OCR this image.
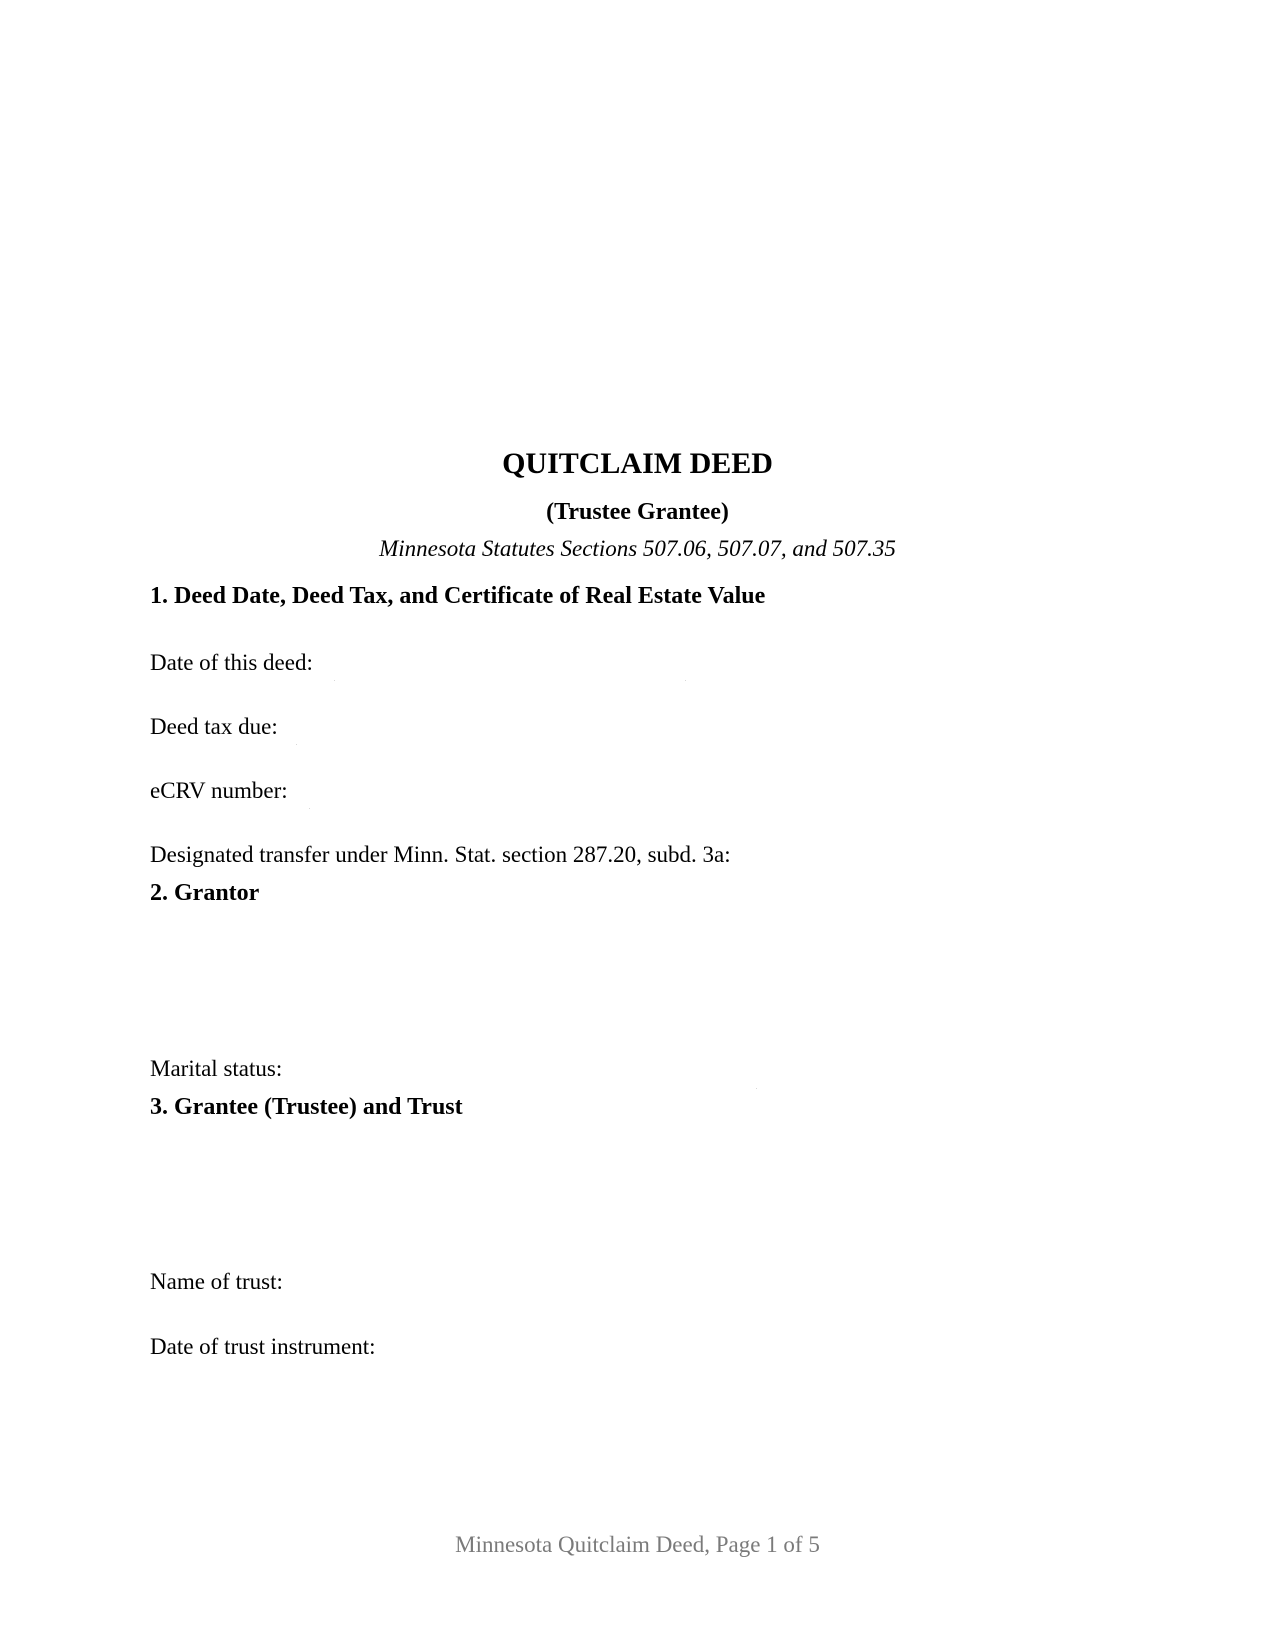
QUITCLAIM DEED
(Trustee Grantee)
Minnesota Statutes Sections 507.06, 507.07, and 507.35
1. Deed Date, Deed Tax, and Certificate of Real Estate Value
Date of this deed:
Deed tax due:
eCRV number:
Designated transfer under Minn. Stat. section 287.20, subd. 3a:
2. Grantor
Marital status:
3. Grantee (Trustee) and Trust
Name of trust:
Date of trust instrument:
Minnesota Quitclaim Deed, Page 1 of 5
